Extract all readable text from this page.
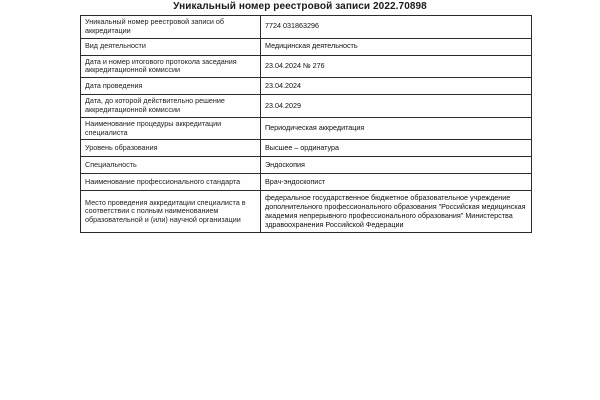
Уникальный номер реестровой записи 2022.70898
Уникальный номер реестровой записи об аккредитации	7724 031863296
Вид деятельности	Медицинская деятельность
Дата и номер итогового протокола заседания аккредитационной комиссии	23.04.2024 № 276
Дата проведения	23.04.2024
Дата, до которой действительно решение аккредитационной комиссии	23.04.2029
Наименование процедуры аккредитации специалиста	Периодическая аккредитация
Уровень образования	Высшее – ординатура
Специальность	Эндоскопия
Наименование профессионального стандарта	Врач-эндоскопист
Место проведения аккредитации специалиста в соответствии с полным наименованием образовательной и (или) научной организации	федеральное государственное бюджетное образовательное учреждение дополнительного профессионального образования "Российская медицинская академия непрерывного профессионального образования" Министерства здравоохранения Российской Федерации
